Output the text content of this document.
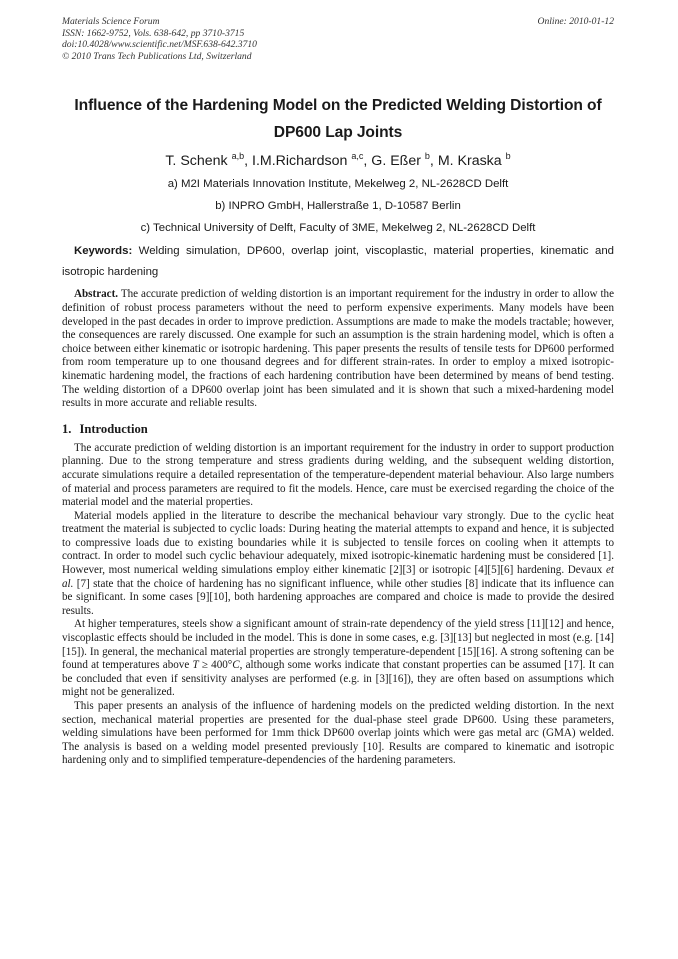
Materials Science Forum
ISSN: 1662-9752, Vols. 638-642, pp 3710-3715
doi:10.4028/www.scientific.net/MSF.638-642.3710
© 2010 Trans Tech Publications Ltd, Switzerland
Online: 2010-01-12
Influence of the Hardening Model on the Predicted Welding Distortion of DP600 Lap Joints
T. Schenk $^{a,b}$, I.M.Richardson $^{a,c}$, G. Eßer $^b$, M. Kraska $^b$
a) M2I Materials Innovation Institute, Mekelweg 2, NL-2628CD Delft
b) INPRO GmbH, Hallerstraße 1, D-10587 Berlin
c) Technical University of Delft, Faculty of 3ME, Mekelweg 2, NL-2628CD Delft
Keywords: Welding simulation, DP600, overlap joint, viscoplastic, material properties, kinematic and isotropic hardening
Abstract. The accurate prediction of welding distortion is an important requirement for the industry in order to allow the definition of robust process parameters without the need to perform expensive experiments. Many models have been developed in the past decades in order to improve prediction. Assumptions are made to make the models tractable; however, the consequences are rarely discussed. One example for such an assumption is the strain hardening model, which is often a choice between either kinematic or isotropic hardening. This paper presents the results of tensile tests for DP600 performed from room temperature up to one thousand degrees and for different strain-rates. In order to employ a mixed isotropic-kinematic hardening model, the fractions of each hardening contribution have been determined by means of bend testing. The welding distortion of a DP600 overlap joint has been simulated and it is shown that such a mixed-hardening model results in more accurate and reliable results.
1. Introduction

The accurate prediction of welding distortion is an important requirement for the industry in order to support production planning. Due to the strong temperature and stress gradients during welding, and the subsequent welding distortion, accurate simulations require a detailed representation of the temperature-dependent material behaviour. Also large numbers of material and process parameters are required to fit the models. Hence, care must be exercised regarding the choice of the material model and the material properties.

Material models applied in the literature to describe the mechanical behaviour vary strongly. Due to the cyclic heat treatment the material is subjected to cyclic loads: During heating the material attempts to expand and hence, it is subjected to compressive loads due to existing boundaries while it is subjected to tensile forces on cooling when it attempts to contract. In order to model such cyclic behaviour adequately, mixed isotropic-kinematic hardening must be considered [1]. However, most numerical welding simulations employ either kinematic [2][3] or isotropic [4][5][6] hardening. Devaux et al. [7] state that the choice of hardening has no significant influence, while other studies [8] indicate that its influence can be significant. In some cases [9][10], both hardening approaches are compared and choice is made to provide the desired results.

At higher temperatures, steels show a significant amount of strain-rate dependency of the yield stress [11][12] and hence, viscoplastic effects should be included in the model. This is done in some cases, e.g. [3][13] but neglected in most (e.g. [14][15]). In general, the mechanical material properties are strongly temperature-dependent [15][16]. A strong softening can be found at temperatures above T ≥ 400°C, although some works indicate that constant properties can be assumed [17]. It can be concluded that even if sensitivity analyses are performed (e.g. in [3][16]), they are often based on assumptions which might not be generalized.

This paper presents an analysis of the influence of hardening models on the predicted welding distortion. In the next section, mechanical material properties are presented for the dual-phase steel grade DP600. Using these parameters, welding simulations have been performed for 1mm thick DP600 overlap joints which were gas metal arc (GMA) welded. The analysis is based on a welding model presented previously [10]. Results are compared to kinematic and isotropic hardening only and to simplified temperature-dependencies of the hardening parameters.
